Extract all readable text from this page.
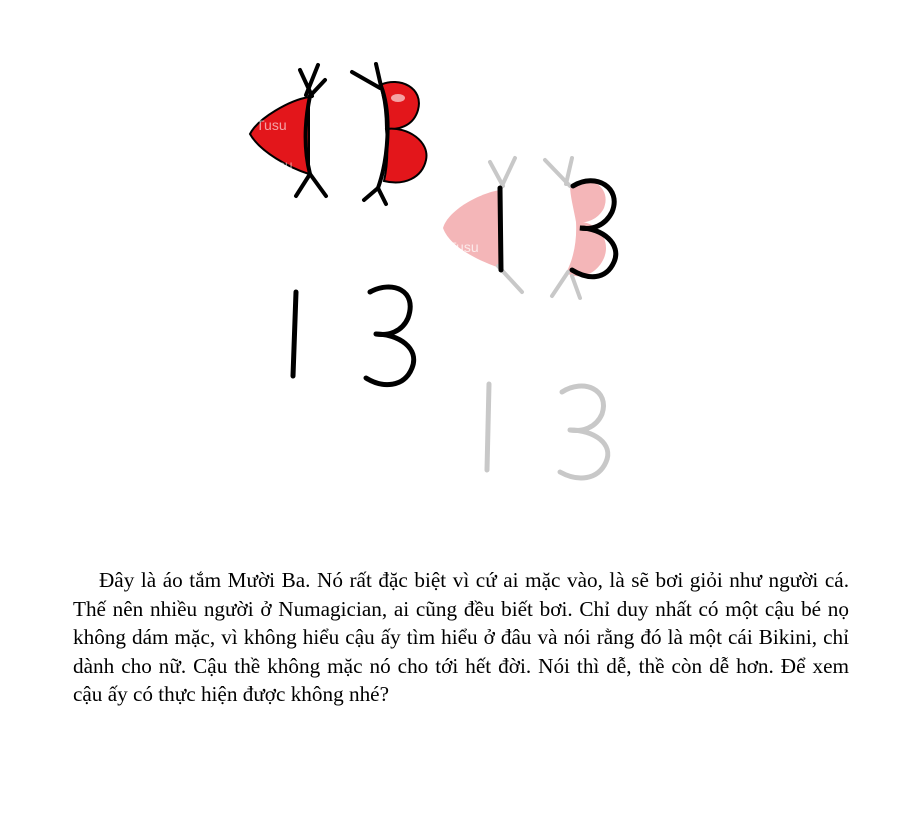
Tusu
Tusu
Tusu

Đây là áo tắm Mười Ba. Nó rất đặc biệt vì cứ ai mặc vào, là sẽ bơi giỏi như người cá. Thế nên nhiều người ở Numagician, ai cũng đều biết bơi. Chỉ duy nhất có một cậu bé nọ không dám mặc, vì không hiểu cậu ấy tìm hiểu ở đâu và nói rằng đó là một cái Bikini, chỉ dành cho nữ. Cậu thề không mặc nó cho tới hết đời. Nói thì dễ, thề còn dễ hơn. Để xem cậu ấy có thực hiện được không nhé?
